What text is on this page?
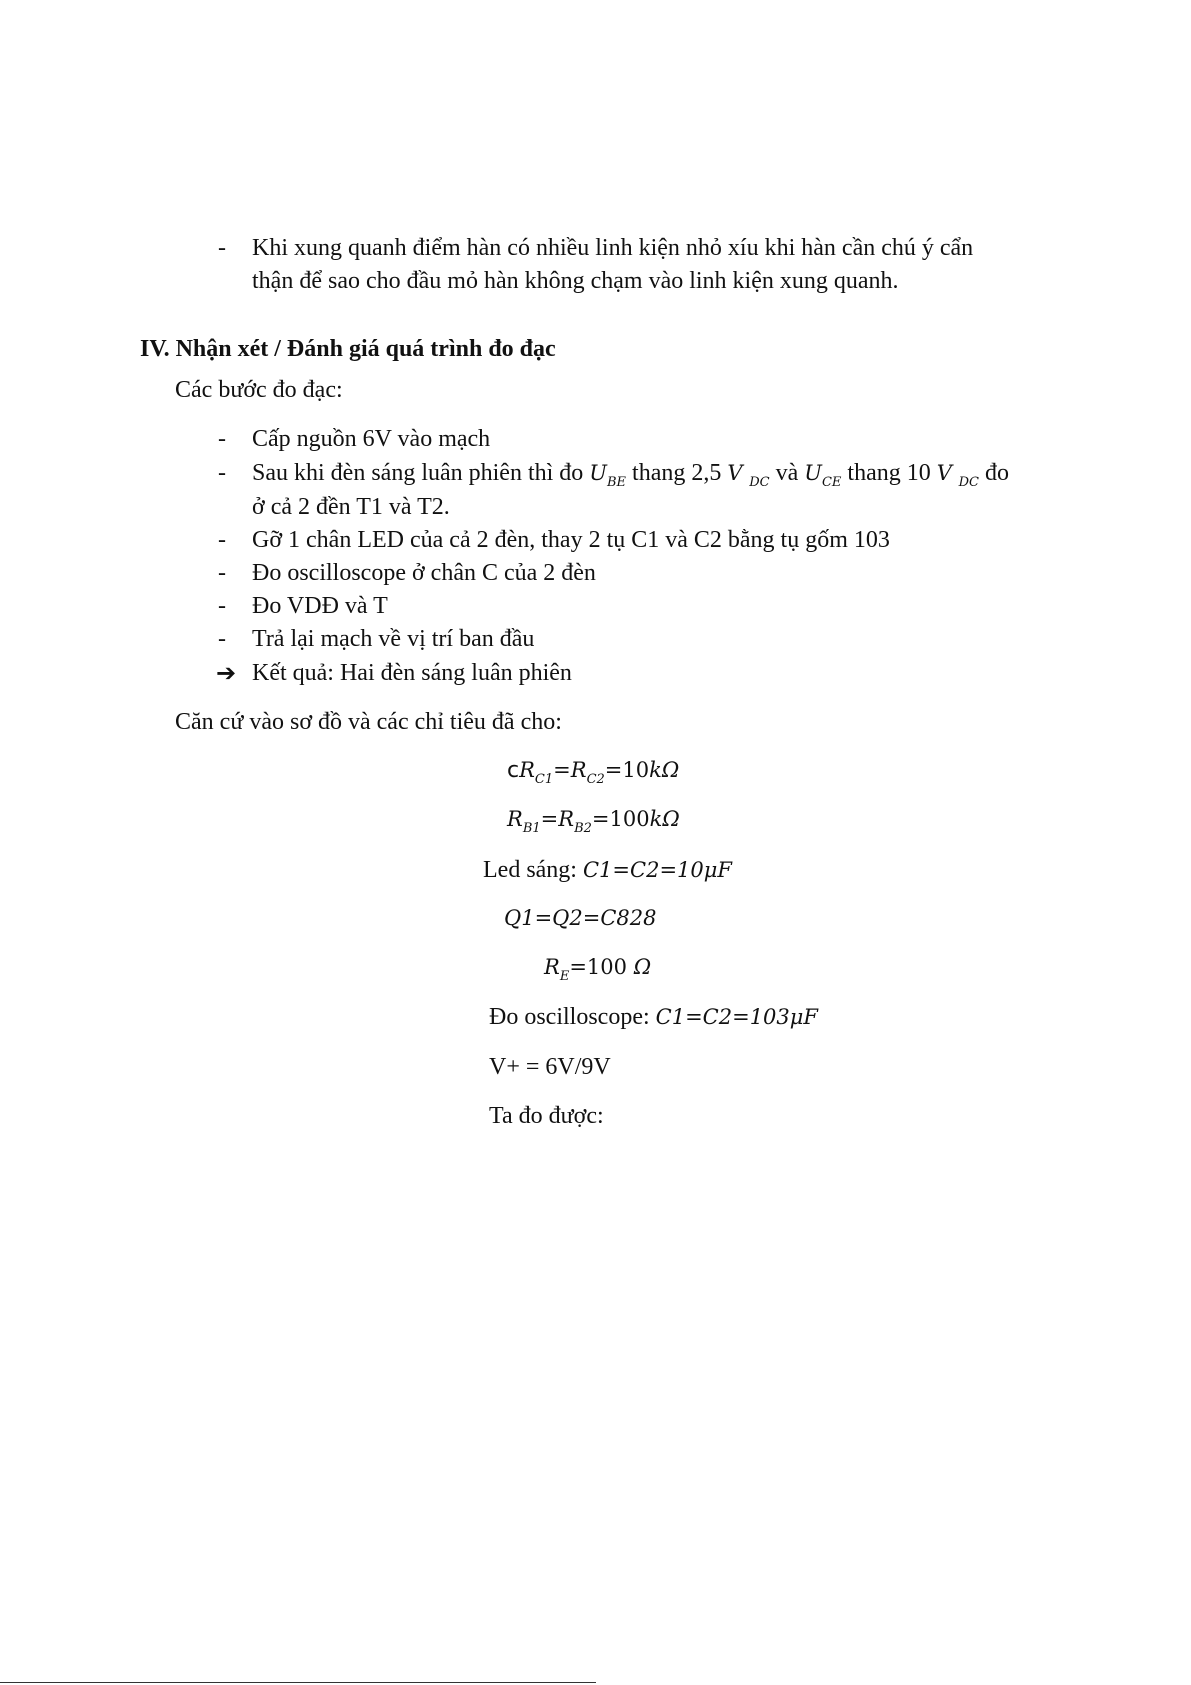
- Khi xung quanh điểm hàn có nhiều linh kiện nhỏ xíu khi hàn cần chú ý cẩn
thận để sao cho đầu mỏ hàn không chạm vào linh kiện xung quanh.
IV. Nhận xét / Đánh giá quá trình đo đạc
Các bước đo đạc:
- Cấp nguồn 6V vào mạch
- Sau khi đèn sáng luân phiên thì đo $U_{BE}$ thang 2,5 V $_{DC}$ và $U_{CE}$ thang 10 V $_{DC}$ đo
ở cả 2 đền T1 và T2.
- Gỡ 1 chân LED của cả 2 đèn, thay 2 tụ C1 và C2 bằng tụ gốm 103
- Đo oscilloscope ở chân C của 2 đèn
- Đo VDĐ và T
- Trả lại mạch về vị trí ban đầu
➔ Kết quả: Hai đèn sáng luân phiên
Căn cứ vào sơ đồ và các chỉ tiêu đã cho:
$cR_{C1}=R_{C2}=10k\Omega$
$R_{B1}=R_{B2}=100k\Omega$
Led sáng: C1=C2=10μF
Q1=Q2=C828
$R_E=100$ Ω
Đo oscilloscope: C1=C2=103μF
V+ = 6V/9V
Ta đo được:
